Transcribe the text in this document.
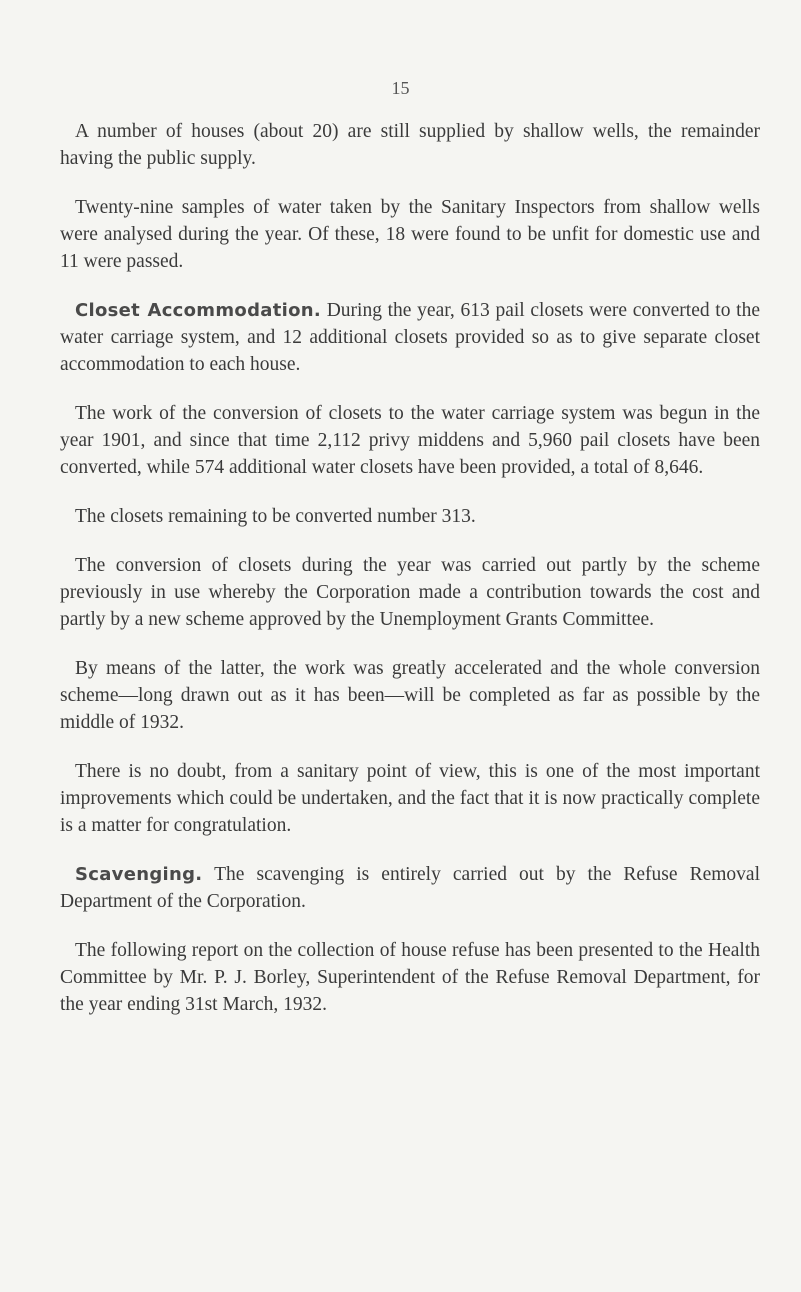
15

A number of houses (about 20) are still supplied by shallow wells, the remainder having the public supply.

Twenty-nine samples of water taken by the Sanitary Inspectors from shallow wells were analysed during the year. Of these, 18 were found to be unfit for domestic use and 11 were passed.

Closet Accommodation. During the year, 613 pail closets were converted to the water carriage system, and 12 additional closets provided so as to give separate closet accommodation to each house.

The work of the conversion of closets to the water carriage system was begun in the year 1901, and since that time 2,112 privy middens and 5,960 pail closets have been converted, while 574 additional water closets have been provided, a total of 8,646.

The closets remaining to be converted number 313.

The conversion of closets during the year was carried out partly by the scheme previously in use whereby the Corporation made a contribution towards the cost and partly by a new scheme approved by the Unemployment Grants Committee.

By means of the latter, the work was greatly accelerated and the whole conversion scheme—long drawn out as it has been—will be completed as far as possible by the middle of 1932.

There is no doubt, from a sanitary point of view, this is one of the most important improvements which could be undertaken, and the fact that it is now practically complete is a matter for congratulation.

Scavenging. The scavenging is entirely carried out by the Refuse Removal Department of the Corporation.

The following report on the collection of house refuse has been presented to the Health Committee by Mr. P. J. Borley, Superintendent of the Refuse Removal Department, for the year ending 31st March, 1932.
